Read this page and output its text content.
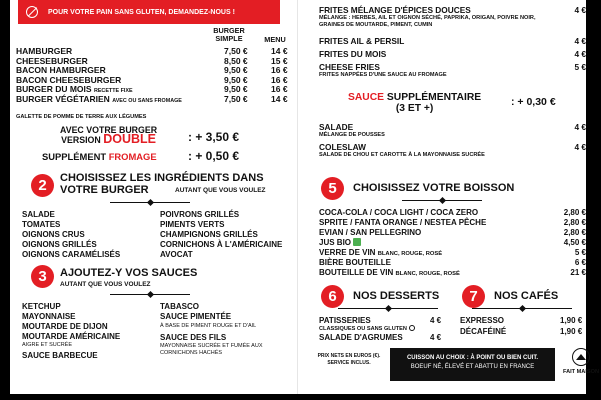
POUR VOTRE PAIN SANS GLUTEN, DEMANDEZ-NOUS !
BURGER
SIMPLE	MENU
HAMBURGER	7,50 €	14 €
CHEESEBURGER	8,50 €	15 €
BACON HAMBURGER	9,50 €	16 €
BACON CHEESEBURGER	9,50 €	16 €
BURGER DU MOIS RECETTE FIXE	9,50 €	16 €
BURGER VÉGÉTARIEN AVEC OU SANS FROMAGE	7,50 €	14 €
GALETTE DE POMME DE TERRE AUX LÉGUMES
AVEC VOTRE BURGER
VERSION DOUBLE	: + 3,50 €
SUPPLÉMENT FROMAGE	: + 0,50 €
2	CHOISISSEZ LES INGRÉDIENTS DANS
VOTRE BURGER	AUTANT QUE VOUS VOULEZ
SALADE
TOMATES
OIGNONS CRUS
OIGNONS GRILLÉS
OIGNONS CARAMÉLISÉS
POIVRONS GRILLÉS
PIMENTS VERTS
CHAMPIGNONS GRILLÉS
CORNICHONS À L'AMÉRICAINE
AVOCAT
3	AJOUTEZ-Y VOS SAUCES
AUTANT QUE VOUS VOULEZ
KETCHUP
MAYONNAISE
MOUTARDE DE DIJON
MOUTARDE AMÉRICAINE
AIGRE ET SUCRÉE
SAUCE BARBECUE
TABASCO
SAUCE PIMENTÉE
À BASE DE PIMENT ROUGE ET D'AIL
SAUCE DES FILS
MAYONNAISE SUCRÉE ET FUMÉE AUX CORNICHONS HACHÉS
FRITES MÉLANGE D'ÉPICES DOUCES
MÉLANGE : HERBES, AIL ET OIGNON SÉCHÉ, PAPRIKA, ORIGAN, POIVRE NOIR, GRAINES DE MOUTARDE, PIMENT, CUMIN
4 €
FRITES AIL & PERSIL	4 €
FRITES DU MOIS	4 €
CHEESE FRIES
FRITES NAPPÉES D'UNE SAUCE AU FROMAGE
5 €
SAUCE SUPPLÉMENTAIRE
(3 ET +)
: + 0,30 €
SALADE
MÉLANGE DE POUSSES
4 €
COLESLAW
SALADE DE CHOU ET CAROTTE À LA MAYONNAISE SUCRÉE
4 €
5	CHOISISSEZ VOTRE BOISSON
COCA-COLA / COCA LIGHT / COCA ZERO	2,80 €
SPRITE / FANTA ORANGE / NESTEA PÊCHE	2,80 €
EVIAN / SAN PELLEGRINO	2,80 €
JUS BIO	4,50 €
VERRE DE VIN BLANC, ROUGE, ROSÉ	5 €
BIÈRE BOUTEILLE	6 €
BOUTEILLE DE VIN BLANC, ROUGE, ROSÉ	21 €
6	NOS DESSERTS
PATISSERIES
CLASSIQUES OU SANS GLUTEN
4 €
SALADE D'AGRUMES	4 €
7	NOS CAFÉS
EXPRESSO	1,90 €
DÉCAFÉINÉ	1,90 €
PRIX NETS EN EUROS (€). SERVICE INCLUS.
CUISSON AU CHOIX : À POINT OU BIEN CUIT.
BOEUF NÉ, ÉLEVÉ ET ABATTU EN FRANCE
FAIT MAISON
